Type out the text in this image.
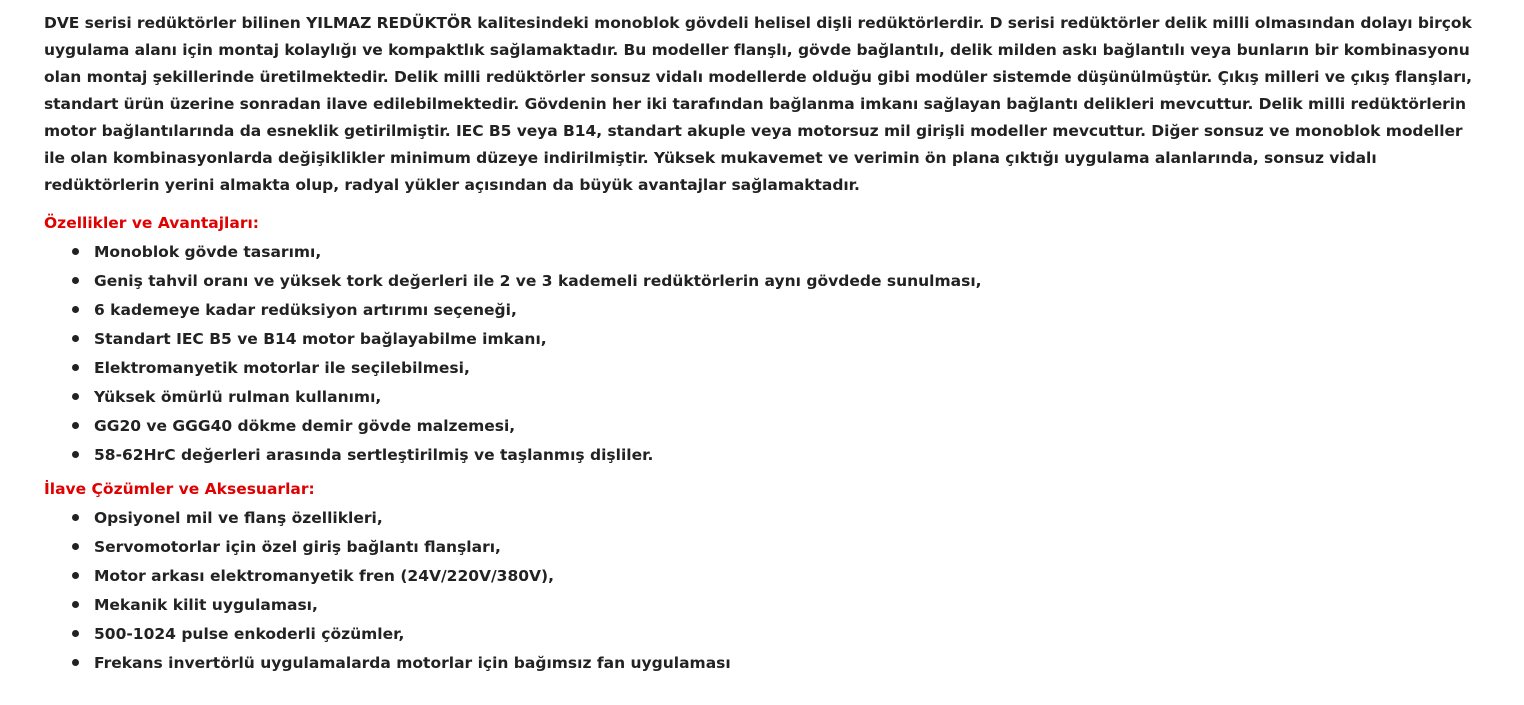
DVE serisi redüktörler bilinen YILMAZ REDÜKTÖR kalitesindeki monoblok gövdeli helisel dişli redüktörlerdir. D serisi redüktörler delik milli olmasından dolayı birçok uygulama alanı için montaj kolaylığı ve kompaktlık sağlamaktadır. Bu modeller flanşlı, gövde bağlantılı, delik milden askı bağlantılı veya bunların bir kombinasyonu olan montaj şekillerinde üretilmektedir. Delik milli redüktörler sonsuz vidalı modellerde olduğu gibi modüler sistemde düşünülmüştür. Çıkış milleri ve çıkış flanşları, standart ürün üzerine sonradan ilave edilebilmektedir. Gövdenin her iki tarafından bağlanma imkanı sağlayan bağlantı delikleri mevcuttur. Delik milli redüktörlerin motor bağlantılarında da esneklik getirilmiştir. IEC B5 veya B14, standart akuple veya motorsuz mil girişli modeller mevcuttur. Diğer sonsuz ve monoblok modeller ile olan kombinasyonlarda değişiklikler minimum düzeye indirilmiştir. Yüksek mukavemet ve verimin ön plana çıktığı uygulama alanlarında, sonsuz vidalı redüktörlerin yerini almakta olup, radyal yükler açısından da büyük avantajlar sağlamaktadır.

Özellikler ve Avantajları:
Monoblok gövde tasarımı,
Geniş tahvil oranı ve yüksek tork değerleri ile 2 ve 3 kademeli redüktörlerin aynı gövdede sunulması,
6 kademeye kadar redüksiyon artırımı seçeneği,
Standart IEC B5 ve B14 motor bağlayabilme imkanı,
Elektromanyetik motorlar ile seçilebilmesi,
Yüksek ömürlü rulman kullanımı,
GG20 ve GGG40 dökme demir gövde malzemesi,
58-62HrC değerleri arasında sertleştirilmiş ve taşlanmış dişliler.
İlave Çözümler ve Aksesuarlar:
Opsiyonel mil ve flanş özellikleri,
Servomotorlar için özel giriş bağlantı flanşları,
Motor arkası elektromanyetik fren (24V/220V/380V),
Mekanik kilit uygulaması,
500-1024 pulse enkoderli çözümler,
Frekans invertörlü uygulamalarda motorlar için bağımsız fan uygulaması
